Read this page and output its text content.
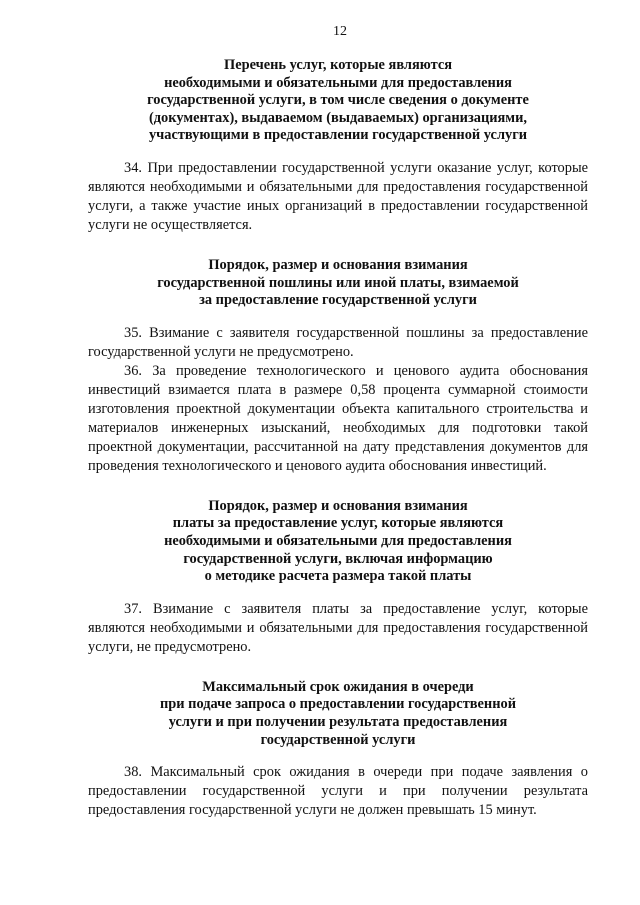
12
Перечень услуг, которые являются
необходимыми и обязательными для предоставления
государственной услуги, в том числе сведения о документе
(документах), выдаваемом (выдаваемых) организациями,
участвующими в предоставлении государственной услуги

34. При предоставлении государственной услуги оказание услуг, которые являются необходимыми и обязательными для предоставления государственной услуги, а также участие иных организаций в предоставлении государственной услуги не осуществляется.

Порядок, размер и основания взимания
государственной пошлины или иной платы, взимаемой
за предоставление государственной услуги

35. Взимание с заявителя государственной пошлины за предоставление государственной услуги не предусмотрено.

36. За проведение технологического и ценового аудита обоснования инвестиций взимается плата в размере 0,58 процента суммарной стоимости изготовления проектной документации объекта капитального строительства и материалов инженерных изысканий, необходимых для подготовки такой проектной документации, рассчитанной на дату представления документов для проведения технологического и ценового аудита обоснования инвестиций.

Порядок, размер и основания взимания
платы за предоставление услуг, которые являются
необходимыми и обязательными для предоставления
государственной услуги, включая информацию
о методике расчета размера такой платы

37. Взимание с заявителя платы за предоставление услуг, которые являются необходимыми и обязательными для предоставления государственной услуги, не предусмотрено.

Максимальный срок ожидания в очереди
при подаче запроса о предоставлении государственной
услуги и при получении результата предоставления
государственной услуги

38. Максимальный срок ожидания в очереди при подаче заявления о предоставлении государственной услуги и при получении результата предоставления государственной услуги не должен превышать 15 минут.
